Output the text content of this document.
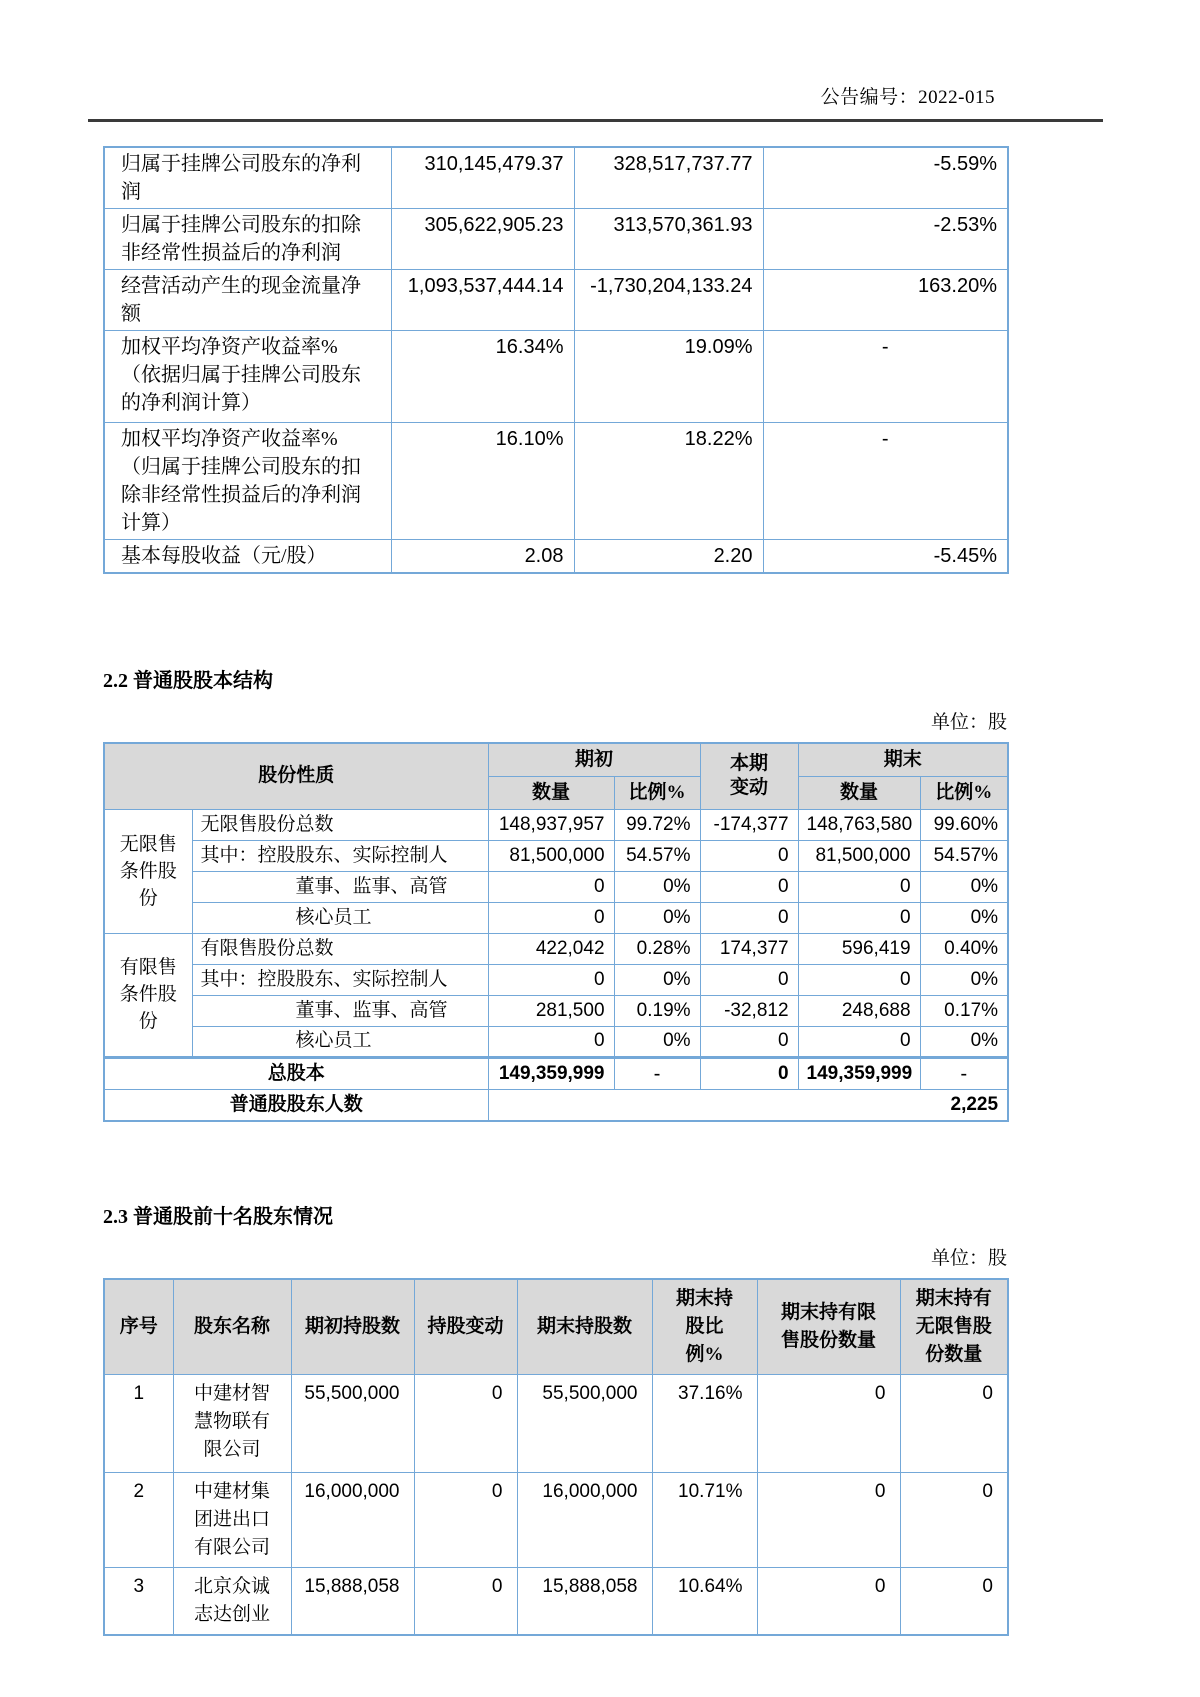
公告编号：2022-015
归属于挂牌公司股东的净利润	310,145,479.37	328,517,737.77	-5.59%
归属于挂牌公司股东的扣除非经常性损益后的净利润	305,622,905.23	313,570,361.93	-2.53%
经营活动产生的现金流量净额	1,093,537,444.14	-1,730,204,133.24	163.20%
加权平均净资产收益率%（依据归属于挂牌公司股东的净利润计算）	16.34%	19.09%	-
加权平均净资产收益率%（归属于挂牌公司股东的扣除非经常性损益后的净利润计算）	16.10%	18.22%	-
基本每股收益（元/股）	2.08	2.20	-5.45%
2.2 普通股股本结构
单位：股
股份性质		期初		本期变动	期末	
		数量	比例%		数量	比例%
无限售条件股份	无限售股份总数	148,937,957	99.72%	-174,377	148,763,580	99.60%
	其中：控股股东、实际控制人	81,500,000	54.57%	0	81,500,000	54.57%
	董事、监事、高管	0	0%	0	0	0%
	核心员工	0	0%	0	0	0%
有限售条件股份	有限售股份总数	422,042	0.28%	174,377	596,419	0.40%
	其中：控股股东、实际控制人	0	0%	0	0	0%
	董事、监事、高管	281,500	0.19%	-32,812	248,688	0.17%
	核心员工	0	0%	0	0	0%
总股本		149,359,999	-	0	149,359,999	-
普通股股东人数		2,225				
2.3 普通股前十名股东情况
单位：股
序号	股东名称	期初持股数	持股变动	期末持股数	期末持股比例%	期末持有限售股份数量	期末持有无限售股份数量
1	中建材智慧物联有限公司	55,500,000	0	55,500,000	37.16%	0	0
2	中建材集团进出口有限公司	16,000,000	0	16,000,000	10.71%	0	0
3	北京众诚志达创业	15,888,058	0	15,888,058	10.64%	0	0
